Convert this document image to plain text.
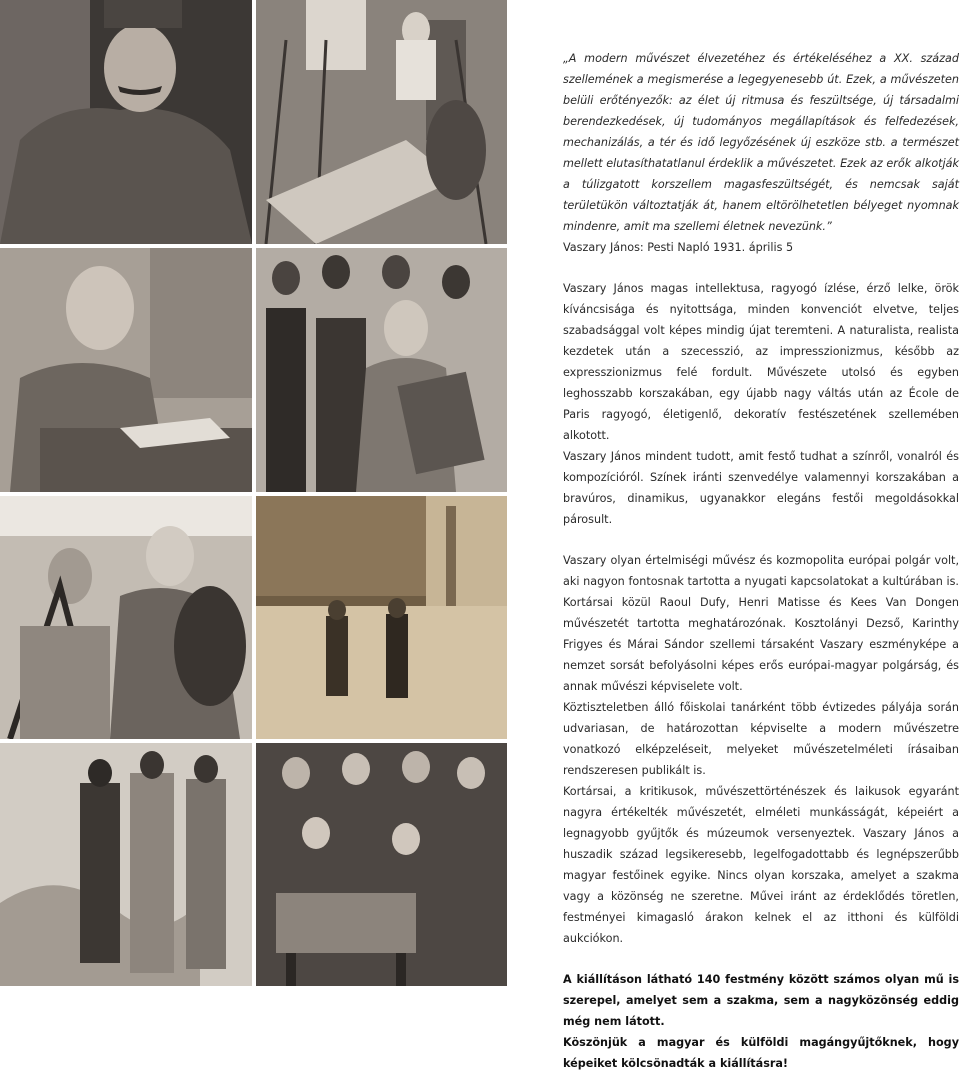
„A modern művészet élvezetéhez és értékeléséhez a XX. század szellemének a megismerése a legegyenesebb út. Ezek, a művészeten belüli erőtényezők: az élet új ritmusa és feszültsége, új társadalmi berendezkedések, új tudományos megállapítások és felfedezések, mechanizálás, a tér és idő legyőzésének új eszköze stb. a természet mellett elutasíthatatlanul érdeklik a művészetet. Ezek az erők alkotják a túlizgatott korszellem magasfeszültségét, és nemcsak saját területükön változtatják át, hanem eltörölhetetlen bélyeget nyomnak mindenre, amit ma szellemi életnek nevezünk.”
Vaszary János: Pesti Napló 1931. április 5
Vaszary János magas intellektusa, ragyogó ízlése, érző lelke, örök kíváncsisága és nyitottsága, minden konvenciót elvetve, teljes szabadsággal volt képes mindig újat teremteni. A naturalista, realista kezdetek után a szecesszió, az impresszionizmus, később az expresszionizmus felé fordult. Művészete utolsó és egyben leghosszabb korszakában, egy újabb nagy váltás után az École de Paris ragyogó, életigenlő, dekoratív festészetének szellemében alkotott.
Vaszary János mindent tudott, amit festő tudhat a színről, vonalról és kompozícióról. Színek iránti szenvedélye valamennyi korszakában a bravúros, dinamikus, ugyanakkor elegáns festői megoldásokkal párosult.
Vaszary olyan értelmiségi művész és kozmopolita európai polgár volt, aki nagyon fontosnak tartotta a nyugati kapcsolatokat a kultúrában is. Kortársai közül Raoul Dufy, Henri Matisse és Kees Van Dongen művészetét tartotta meghatározónak. Kosztolányi Dezső, Karinthy Frigyes és Márai Sándor szellemi társaként Vaszary eszményképe a nemzet sorsát befolyásolni képes erős európai-magyar polgárság, és annak művészi képviselete volt.
Köztiszteletben álló főiskolai tanárként több évtizedes pályája során udvariasan, de határozottan képviselte a modern művészetre vonatkozó elképzeléseit, melyeket művészetelméleti írásaiban rendszeresen publikált is.
Kortársai, a kritikusok, művészettörténészek és laikusok egyaránt nagyra értékelték művészetét, elméleti munkásságát, képeiért a legnagyobb gyűjtők és múzeumok versenyeztek. Vaszary János a huszadik század legsikeresebb, legelfogadottabb és legnépszerűbb magyar festőinek egyike. Nincs olyan korszaka, amelyet a szakma vagy a közönség ne szeretne. Művei iránt az érdeklődés töretlen, festményei kimagasló árakon kelnek el az itthoni és külföldi aukciókon.
A kiállításon látható 140 festmény között számos olyan mű is szerepel, amelyet sem a szakma, sem a nagyközönség eddig még nem látott.
Köszönjük a magyar és külföldi magángyűjtőknek, hogy képeiket kölcsönadták a kiállításra!
